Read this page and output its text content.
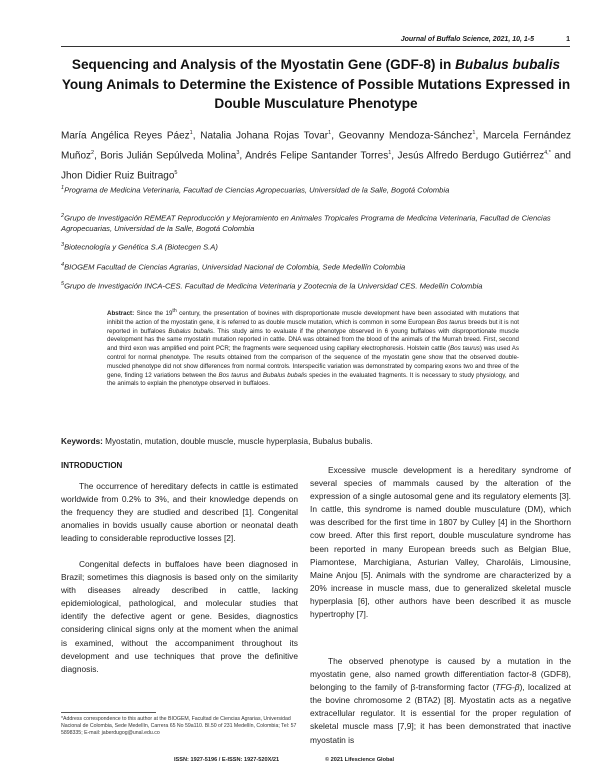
Journal of Buffalo Science, 2021, 10, 1-5	1
Sequencing and Analysis of the Myostatin Gene (GDF-8) in Bubalus bubalis Young Animals to Determine the Existence of Possible Mutations Expressed in Double Musculature Phenotype
María Angélica Reyes Páez$^1$, Natalia Johana Rojas Tovar$^1$, Geovanny Mendoza-Sánchez$^1$, Marcela Fernández Muñoz$^2$, Boris Julián Sepúlveda Molina$^3$, Andrés Felipe Santander Torres$^1$, Jesús Alfredo Berdugo Gutiérrez$^{4,*}$ and Jhon Didier Ruiz Buitrago$^5$

$^1$Programa de Medicina Veterinaria, Facultad de Ciencias Agropecuarias, Universidad de la Salle, Bogotá Colombia

$^2$Grupo de Investigación REMEAT Reproducción y Mejoramiento en Animales Tropicales Programa de Medicina Veterinaria, Facultad de Ciencias Agropecuarias, Universidad de la Salle, Bogotá Colombia

$^3$Biotecnología y Genética S.A (Biotecgen S.A)

$^4$BIOGEM Facultad de Ciencias Agrarias, Universidad Nacional de Colombia, Sede Medellín Colombia

$^5$Grupo de Investigación INCA-CES. Facultad de Medicina Veterinaria y Zootecnia de la Universidad CES. Medellín Colombia

Abstract: Since the 19th century, the presentation of bovines with disproportionate muscle development have been associated with mutations that inhibit the action of the myostatin gene, it is referred to as double muscle mutation, which is common in some European Bos taurus breeds but it is not reported in buffaloes Bubalus bubalis. This study aims to evaluate if the phenotype observed in 6 young buffaloes with disproportionate muscle development has the same myostatin mutation reported in cattle. DNA was obtained from the blood of the animals of the Murrah breed. First, second and third exon was amplified end point PCR; the fragments were sequenced using capillary electrophoresis. Holstein cattle (Bos taurus) was used As control for normal phenotype. The results obtained from the comparison of the sequence of the myostatin gene show that the observed double-muscled phenotype did not show differences from normal controls. Interspecific variation was demonstrated by comparing exons two and three of the gene, finding 12 variations between the Bos taurus and Bubalus bubalis species in the evaluated fragments. It is necessary to study physiology, and the animals to explain the phenotype observed in buffaloes.
Keywords: Myostatin, mutation, double muscle, muscle hyperplasia, Bubalus bubalis.
INTRODUCTION

The occurrence of hereditary defects in cattle is estimated worldwide from 0.2% to 3%, and their knowledge depends on the frequency they are studied and described [1]. Congenital anomalies in bovids usually cause abortion or neonatal death leading to considerable reproductive losses [2].

Congenital defects in buffaloes have been diagnosed in Brazil; sometimes this diagnosis is based only on the similarity with diseases already described in cattle, lacking epidemiological, pathological, and molecular studies that identify the defective agent or gene. Besides, diagnostics considering clinical signs only at the moment when the animal is examined, without the accompaniment throughout its development and use techniques that prove the definitive diagnosis.

Excessive muscle development is a hereditary syndrome of several species of mammals caused by the alteration of the expression of a single autosomal gene and its regulatory elements [3]. In cattle, this syndrome is named double musculature (DM), which was described for the first time in 1807 by Culley [4] in the Shorthorn cow breed. After this first report, double musculature syndrome has been reported in many European breeds such as Belgian Blue, Piamontese, Marchigiana, Asturian Valley, Charoláis, Limousine, Maine Anjou [5]. Animals with the syndrome are characterized by a 20% increase in muscle mass, due to generalized skeletal muscle hyperplasia [6], other authors have been described it as muscle hypertrophy [7].

The observed phenotype is caused by a mutation in the myostatin gene, also named growth differentiation factor-8 (GDF8), belonging to the family of β-transforming factor (TFG-β), localized at the bovine chromosome 2 (BTA2) [8]. Myostatin acts as a negative extracellular regulator. It is essential for the proper regulation of skeletal muscle mass [7,9]; it has been demonstrated that inactive myostatin is

*Address correspondence to this author at the BIOGEM, Facultad de Ciencias Agrarias, Universidad Nacional de Colombia, Sede Medellín, Carrera 65 No 59a110. Bl.50 of 231 Medellín, Colombia; Tel: 57 5898335; E-mail: jaberdugog@unal.edu.co
ISSN: 1927-5196 / E-ISSN: 1927-520X/21	© 2021 Lifescience Global
